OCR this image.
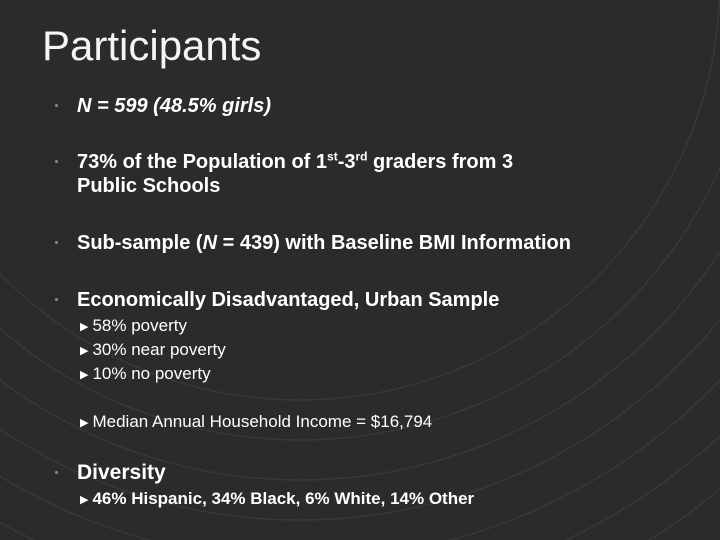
Participants
N = 599 (48.5% girls)
73% of the Population of 1st-3rd graders from 3
Public Schools
Sub-sample (N = 439) with Baseline BMI Information
Economically Disadvantaged, Urban Sample
▶ 58% poverty
▶ 30% near poverty
▶ 10% no poverty
▶ Median Annual Household Income = $16,794
Diversity
▶ 46% Hispanic, 34% Black, 6% White, 14% Other
